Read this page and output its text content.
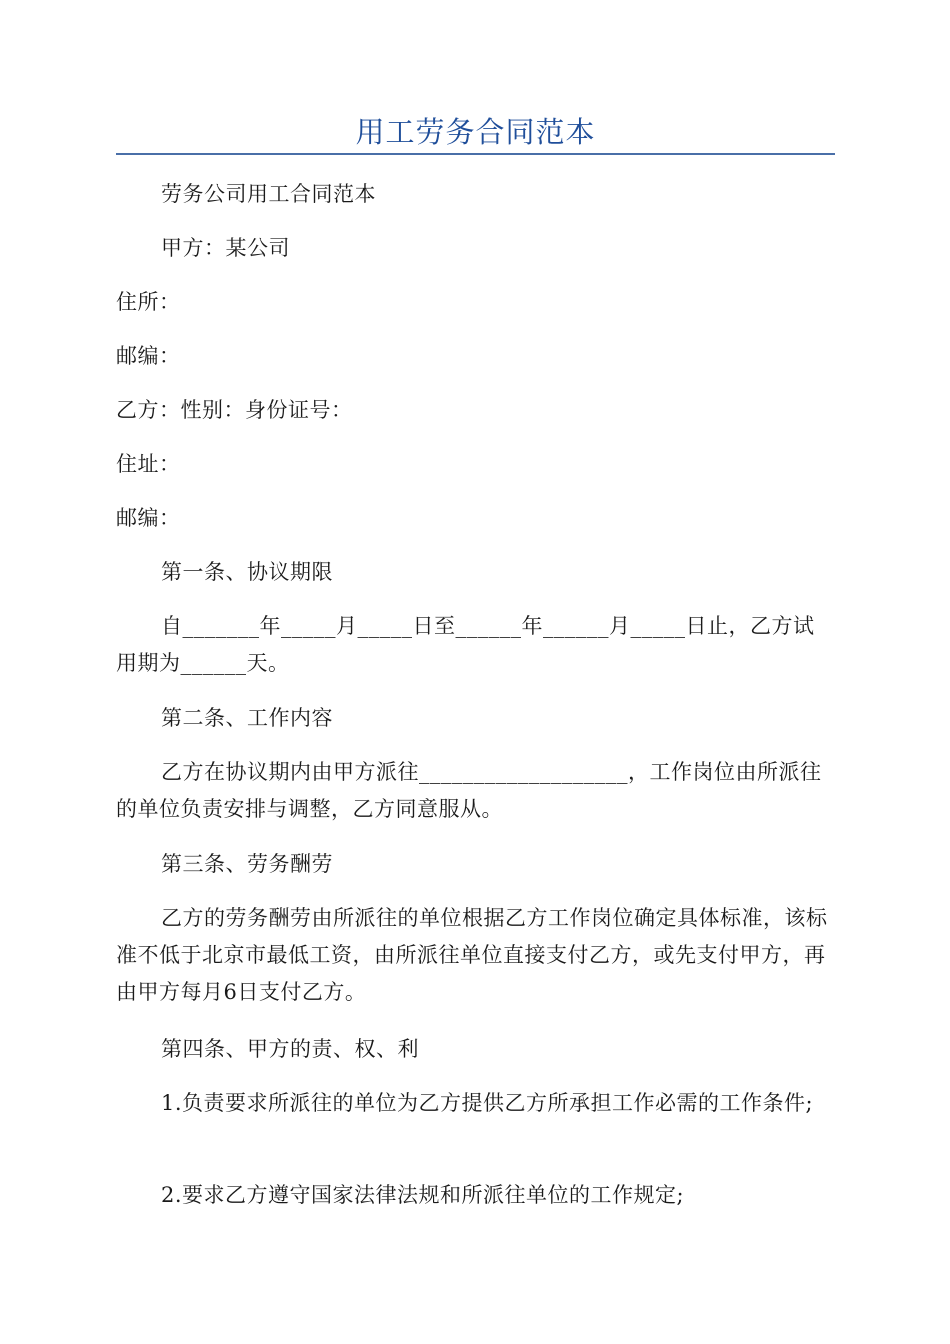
用工劳务合同范本

劳务公司用工合同范本

甲方：某公司

住所：

邮编：

乙方：性别：身份证号：

住址：

邮编：

第一条、协议期限

自_______年_____月_____日至______年______月_____日止，乙方试用期为______天。

第二条、工作内容

乙方在协议期内由甲方派往___________________，工作岗位由所派往的单位负责安排与调整，乙方同意服从。

第三条、劳务酬劳

乙方的劳务酬劳由所派往的单位根据乙方工作岗位确定具体标准，该标准不低于北京市最低工资，由所派往单位直接支付乙方，或先支付甲方，再由甲方每月6日支付乙方。

第四条、甲方的责、权、利

1.负责要求所派往的单位为乙方提供乙方所承担工作必需的工作条件;

2.要求乙方遵守国家法律法规和所派往单位的工作规定;
